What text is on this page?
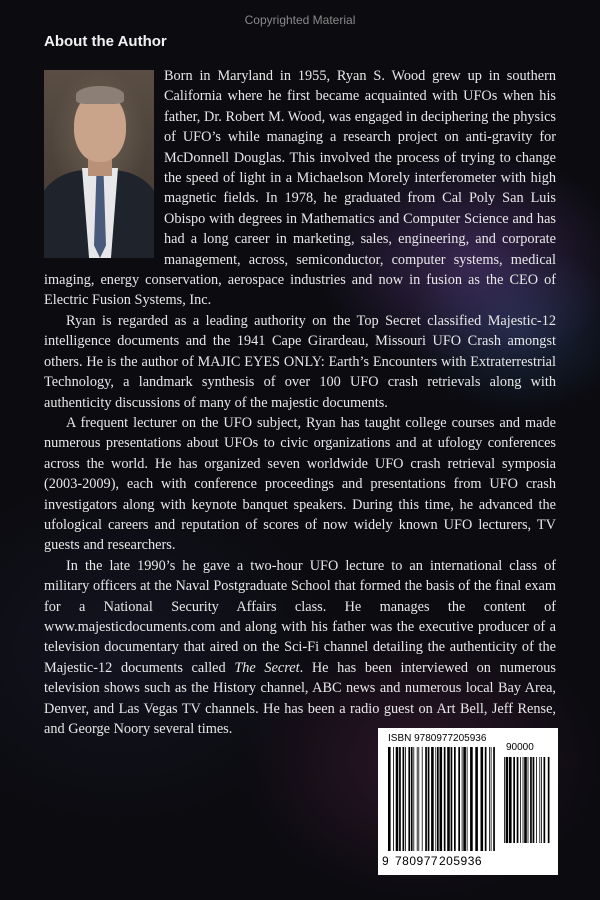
Copyrighted Material
About the Author

Born in Maryland in 1955, Ryan S. Wood grew up in southern California where he first became acquainted with UFOs when his father, Dr. Robert M. Wood, was engaged in deciphering the physics of UFO’s while managing a research project on anti-gravity for McDonnell Douglas. This involved the process of trying to change the speed of light in a Michaelson Morely interferometer with high magnetic fields. In 1978, he graduated from Cal Poly San Luis Obispo with degrees in Mathematics and Computer Science and has had a long career in marketing, sales, engineering, and corporate management, across, semiconductor, computer systems, medical imaging, energy conservation, aerospace industries and now in fusion as the CEO of Electric Fusion Systems, Inc.

Ryan is regarded as a leading authority on the Top Secret classified Majestic-12 intelligence documents and the 1941 Cape Girardeau, Missouri UFO Crash amongst others. He is the author of MAJIC EYES ONLY: Earth’s Encounters with Extraterrestrial Technology, a landmark synthesis of over 100 UFO crash retrievals along with authenticity discussions of many of the majestic documents.

A frequent lecturer on the UFO subject, Ryan has taught college courses and made numerous presentations about UFOs to civic organizations and at ufology conferences across the world. He has organized seven worldwide UFO crash retrieval symposia (2003-2009), each with conference proceedings and presentations from UFO crash investigators along with keynote banquet speakers. During this time, he advanced the ufological careers and reputation of scores of now widely known UFO lecturers, TV guests and researchers.

In the late 1990’s he gave a two-hour UFO lecture to an international class of military officers at the Naval Postgraduate School that formed the basis of the final exam for a National Security Affairs class. He manages the content of www.majesticdocuments.com and along with his father was the executive producer of a television documentary that aired on the Sci-Fi channel detailing the authenticity of the Majestic-12 documents called The Secret. He has been interviewed on numerous television shows such as the History channel, ABC news and numerous local Bay Area, Denver, and Las Vegas TV channels. He has been a radio guest on Art Bell, Jeff Rense, and George Noory several times.

ISBN 9780977205936
90000
9 780977 205936
